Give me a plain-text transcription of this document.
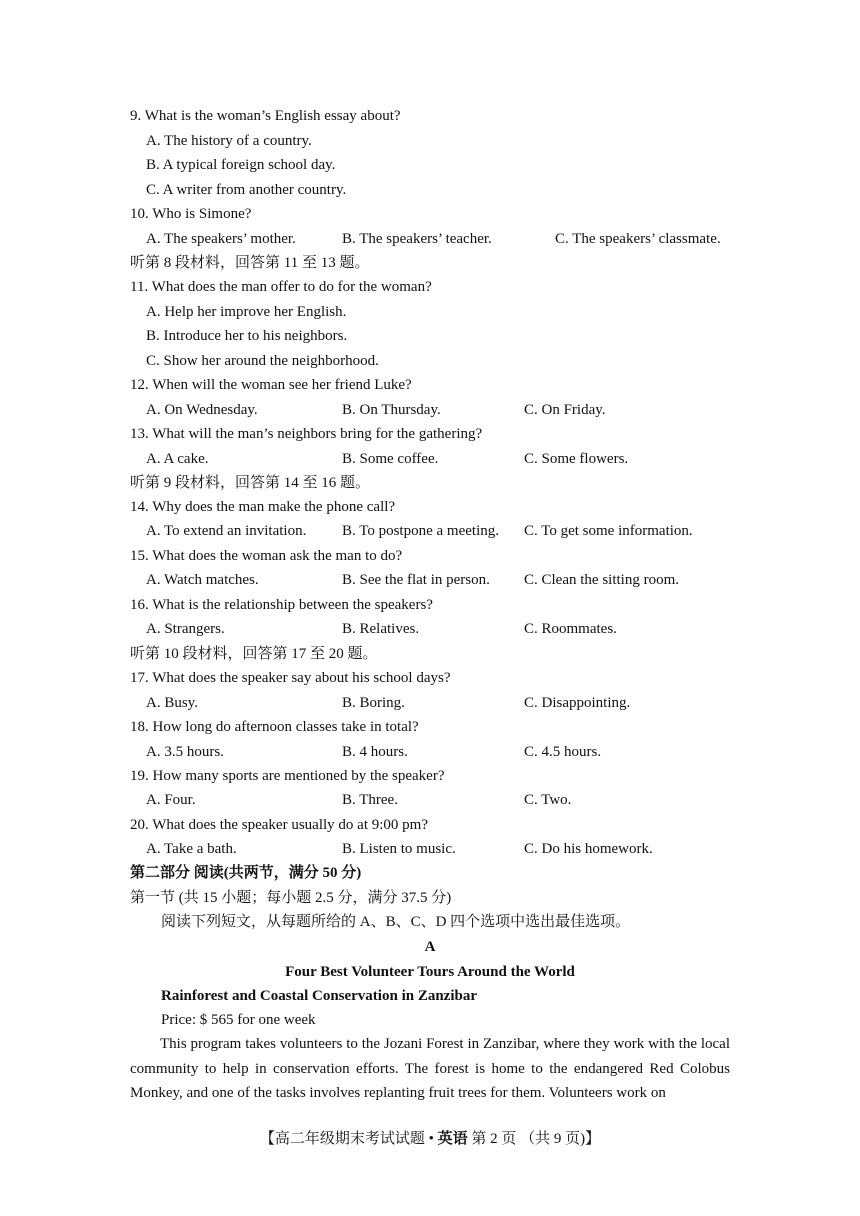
9. What is the woman’s English essay about?
A. The history of a country.
B. A typical foreign school day.
C. A writer from another country.
10. Who is Simone?
A. The speakers’ mother.	B. The speakers’ teacher.	C. The speakers’ classmate.
听第 8 段材料，回答第 11 至 13 题。
11. What does the man offer to do for the woman?
A. Help her improve her English.
B. Introduce her to his neighbors.
C. Show her around the neighborhood.
12. When will the woman see her friend Luke?
A. On Wednesday.	B. On Thursday.	C. On Friday.
13. What will the man’s neighbors bring for the gathering?
A. A cake.	B. Some coffee.	C. Some flowers.
听第 9 段材料，回答第 14 至 16 题。
14. Why does the man make the phone call?
A. To extend an invitation. B. To postpone a meeting. C. To get some information.
15. What does the woman ask the man to do?
A. Watch matches.	B. See the flat in person. C. Clean the sitting room.
16. What is the relationship between the speakers?
A. Strangers.	B. Relatives.	C. Roommates.
听第 10 段材料，回答第 17 至 20 题。
17. What does the speaker say about his school days?
A. Busy.	B. Boring.	C. Disappointing.
18. How long do afternoon classes take in total?
A. 3.5 hours.	B. 4 hours.	C. 4.5 hours.
19. How many sports are mentioned by the speaker?
A. Four.	B. Three.	C. Two.
20. What does the speaker usually do at 9:00 pm?
A. Take a bath.	B. Listen to music.	C. Do his homework.
第二部分 阅读(共两节，满分 50 分)
第一节 (共 15 小题；每小题 2.5 分，满分 37.5 分)
阅读下列短文，从每题所给的 A、B、C、D 四个选项中选出最佳选项。
A
Four Best Volunteer Tours Around the World
Rainforest and Coastal Conservation in Zanzibar
Price: $ 565 for one week
This program takes volunteers to the Jozani Forest in Zanzibar, where they work with the local community to help in conservation efforts. The forest is home to the endangered Red Colobus Monkey, and one of the tasks involves replanting fruit trees for them. Volunteers work on
【高二年级期末考试试题 • 英语 第 2 页 （共 9 页)】
